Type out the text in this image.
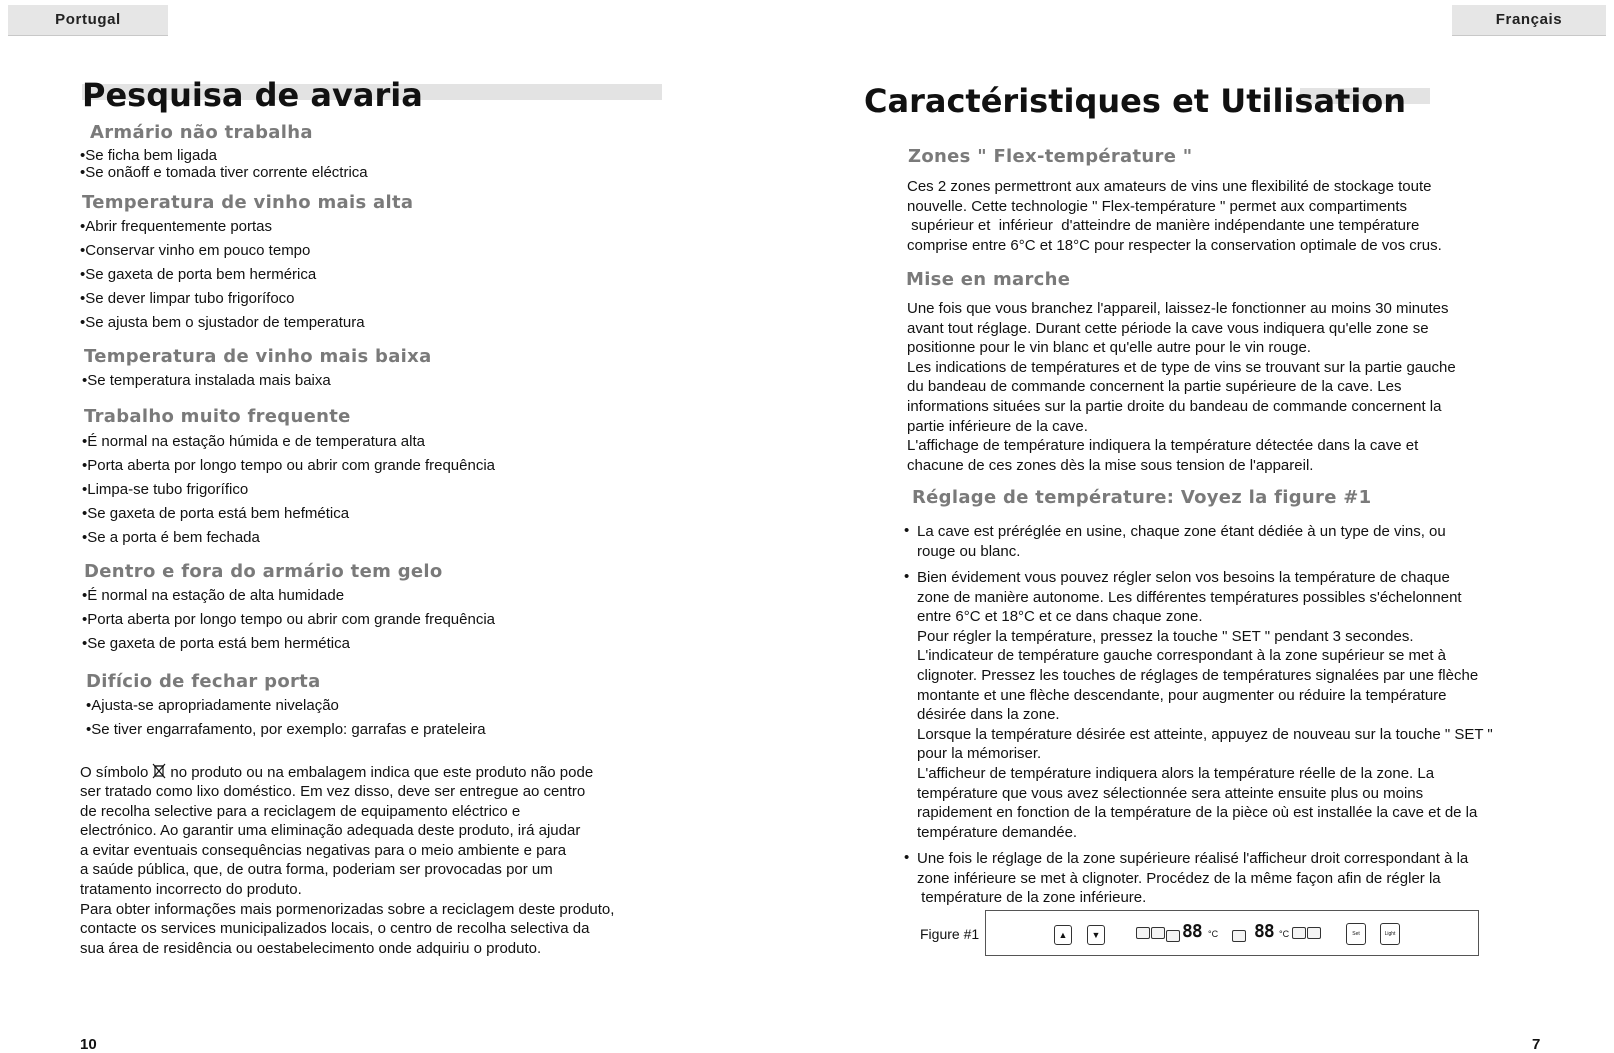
Portugal	Français
Pesquisa de avaria
Armário não trabalha
•Se ficha bem ligada
•Se onãoff e tomada tiver corrente eléctrica
Temperatura de vinho mais alta
•Abrir frequentemente portas
•Conservar vinho em pouco tempo
•Se gaxeta de porta bem hermérica
•Se dever limpar tubo frigorífoco
•Se ajusta bem o sjustador de temperatura
Temperatura de vinho mais baixa
•Se temperatura instalada mais baixa
Trabalho muito frequente
•É normal na estação húmida e de temperatura alta
•Porta aberta por longo tempo ou abrir com grande frequência
•Limpa-se tubo frigorífico
•Se gaxeta de porta está bem hefmética
•Se a porta é bem fechada
Dentro e fora do armário tem gelo
•É normal na estação de alta humidade
•Porta aberta por longo tempo ou abrir com grande frequência
•Se gaxeta de porta está bem hermética
Difício de fechar porta
•Ajusta-se apropriadamente nivelação
•Se tiver engarrafamento, por exemplo: garrafas e prateleira
O símbolo no produto ou na embalagem indica que este produto não pode
ser tratado como lixo doméstico. Em vez disso, deve ser entregue ao centro
de recolha selective para a reciclagem de equipamento eléctrico e
electrónico. Ao garantir uma eliminação adequada deste produto, irá ajudar
a evitar eventuais consequências negativas para o meio ambiente e para
a saúde pública, que, de outra forma, poderiam ser provocadas por um
tratamento incorrecto do produto.
Para obter informações mais pormenorizadas sobre a reciclagem deste produto,
contacte os services municipalizados locais, o centro de recolha selectiva da
sua área de residência ou oestabelecimento onde adquiriu o produto.
10
Caractéristiques et Utilisation
Zones " Flex-température "
Ces 2 zones permettront aux amateurs de vins une flexibilité de stockage toute
nouvelle. Cette technologie " Flex-température " permet aux compartiments
supérieur et  inférieur  d'atteindre de manière indépendante une température
comprise entre 6°C et 18°C pour respecter la conservation optimale de vos crus.
Mise en marche
Une fois que vous branchez l'appareil, laissez-le fonctionner au moins 30 minutes
avant tout réglage. Durant cette période la cave vous indiquera qu'elle zone se
positionne pour le vin blanc et qu'elle autre pour le vin rouge.
Les indications de températures et de type de vins se trouvant sur la partie gauche
du bandeau de commande concernent la partie supérieure de la cave. Les
informations situées sur la partie droite du bandeau de commande concernent la
partie inférieure de la cave.
L'affichage de température indiquera la température détectée dans la cave et
chacune de ces zones dès la mise sous tension de l'appareil.
Réglage de température: Voyez la figure #1
• La cave est préréglée en usine, chaque zone étant dédiée à un type de vins, ou
rouge ou blanc.
• Bien évidement vous pouvez régler selon vos besoins la température de chaque
zone de manière autonome. Les différentes températures possibles s'échelonnent
entre 6°C et 18°C et ce dans chaque zone.
Pour régler la température, pressez la touche " SET " pendant 3 secondes.
L'indicateur de température gauche correspondant à la zone supérieur se met à
clignoter. Pressez les touches de réglages de températures signalées par une flèche
montante et une flèche descendante, pour augmenter ou réduire la température
désirée dans la zone.
Lorsque la température désirée est atteinte, appuyez de nouveau sur la touche " SET "
pour la mémoriser.
L'afficheur de température indiquera alors la température réelle de la zone. La
température que vous avez sélectionnée sera atteinte ensuite plus ou moins
rapidement en fonction de la température de la pièce où est installée la cave et de la
température demandée.
• Une fois le réglage de la zone supérieure réalisé l'afficheur droit correspondant à la
zone inférieure se met à clignoter. Procédez de la même façon afin de régler la
température de la zone inférieure.
Figure #1	▲	▼	88 °C 88 °C	Set	Light
7
